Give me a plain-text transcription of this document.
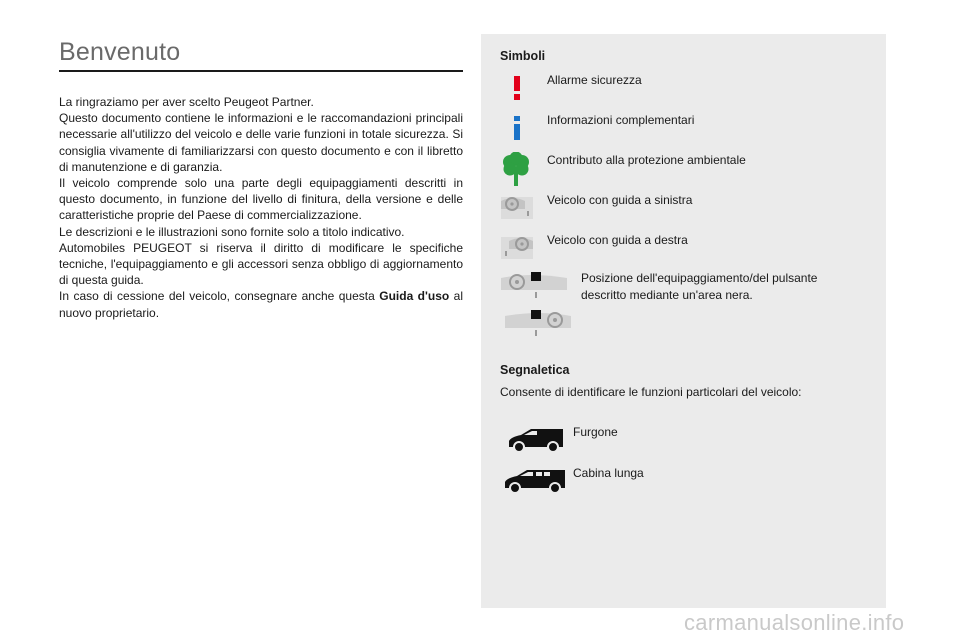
Benvenuto

La ringraziamo per aver scelto Peugeot Partner.

Questo documento contiene le informazioni e le raccomandazioni principali necessarie all'utilizzo del veicolo e delle varie funzioni in totale sicurezza. Si consiglia vivamente di familiarizzarsi con questo documento e con il libretto di manutenzione e di garanzia.

Il veicolo comprende solo una parte degli equipaggiamenti descritti in questo documento, in funzione del livello di finitura, della versione e delle caratteristiche proprie del Paese di commercializzazione.

Le descrizioni e le illustrazioni sono fornite solo a titolo indicativo.

Automobiles PEUGEOT si riserva il diritto di modificare le specifiche tecniche, l'equipaggiamento e gli accessori senza obbligo di aggiornamento di questa guida.

In caso di cessione del veicolo, consegnare anche questa Guida d'uso al nuovo proprietario.

Simboli
Allarme sicurezza
Informazioni complementari
Contributo alla protezione ambientale
Veicolo con guida a sinistra
Veicolo con guida a destra
Posizione dell'equipaggiamento/del pulsante descritto mediante un'area nera.
Segnaletica

Consente di identificare le funzioni particolari del veicolo:

Furgone
Cabina lunga
carmanualsonline.info
